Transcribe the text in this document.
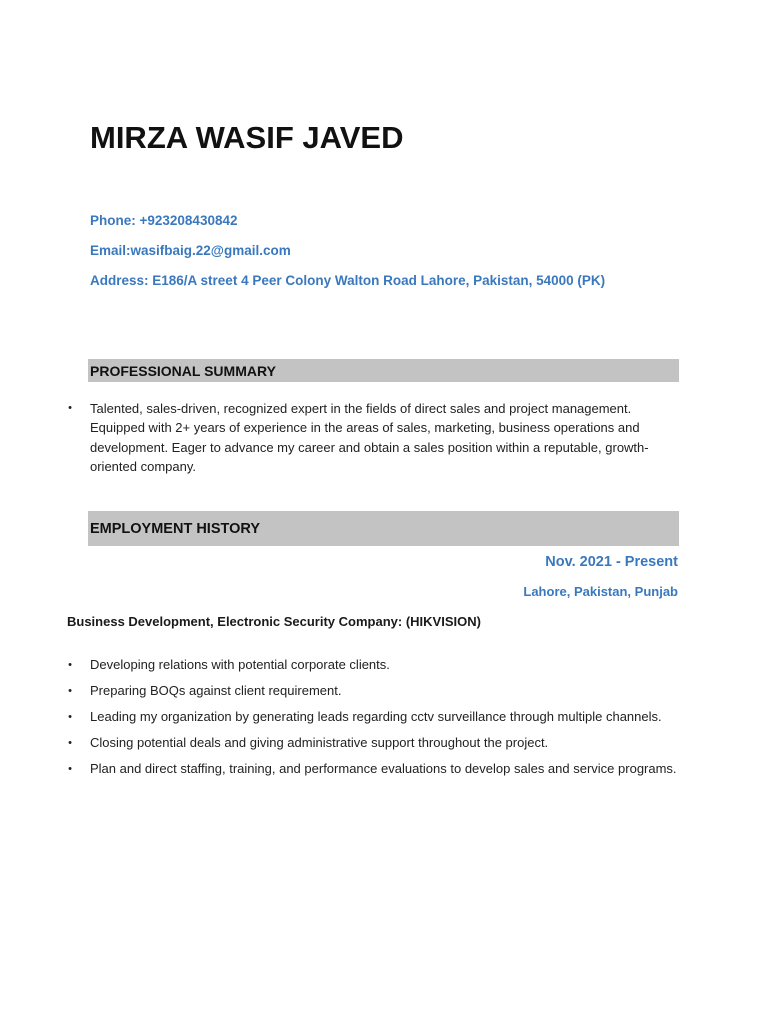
MIRZA WASIF JAVED
Phone: +923208430842
Email:wasifbaig.22@gmail.com
Address: E186/A street 4 Peer Colony Walton Road Lahore, Pakistan, 54000 (PK)
PROFESSIONAL SUMMARY
• Talented, sales-driven, recognized expert in the fields of direct sales and project management. Equipped with 2+ years of experience in the areas of sales, marketing, business operations and development. Eager to advance my career and obtain a sales position within a reputable, growth-oriented company.
EMPLOYMENT HISTORY
Nov. 2021 - Present
Lahore, Pakistan, Punjab
Business Development, Electronic Security Company: (HIKVISION)
• Developing relations with potential corporate clients.
• Preparing BOQs against client requirement.
• Leading my organization by generating leads regarding cctv surveillance through multiple channels.
• Closing potential deals and giving administrative support throughout the project.
• Plan and direct staffing, training, and performance evaluations to develop sales and service programs.
